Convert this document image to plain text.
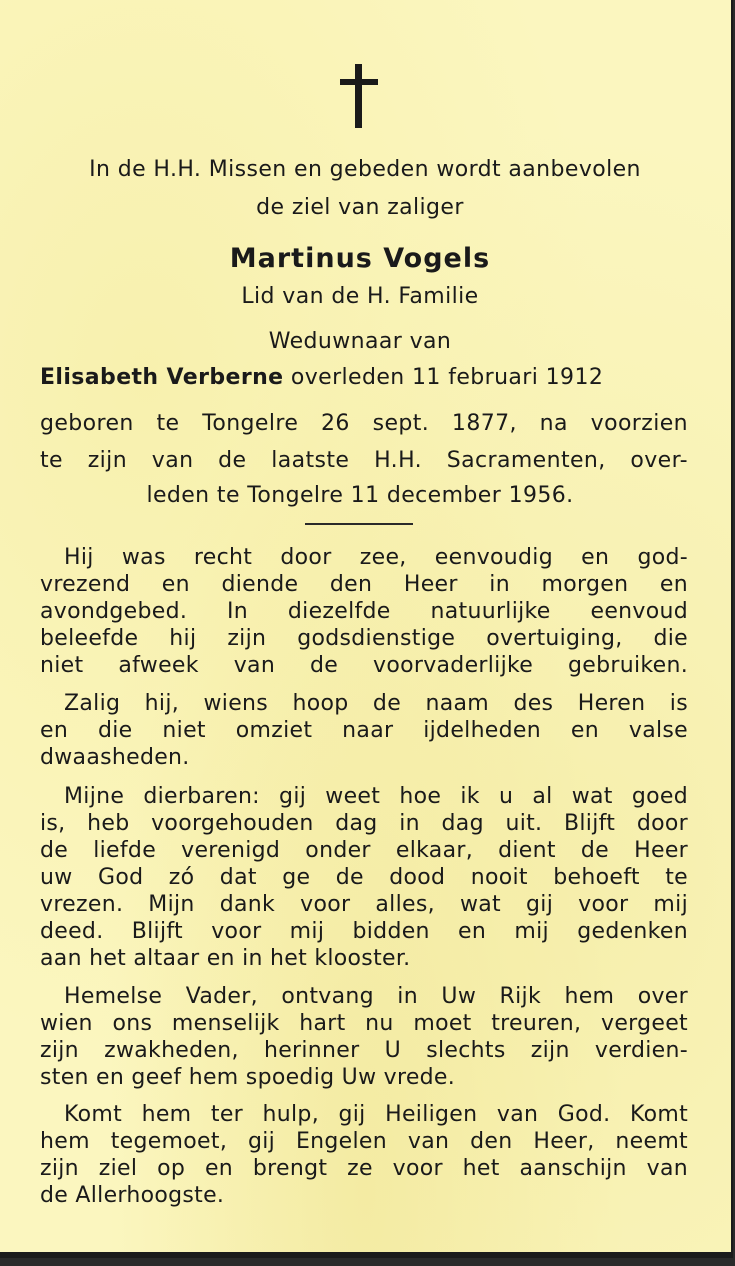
In de H.H. Missen en gebeden wordt aanbevolen
de ziel van zaliger
Martinus Vogels
Lid van de H. Familie
Weduwnaar van
Elisabeth Verberne overleden 11 februari 1912
geboren te Tongelre 26 sept. 1877, na voorzien
te zijn van de laatste H.H. Sacramenten, over-
leden te Tongelre 11 december 1956.
Hij was recht door zee, eenvoudig en god-
vrezend en diende den Heer in morgen en
avondgebed. In diezelfde natuurlijke eenvoud
beleefde hij zijn godsdienstige overtuiging, die
niet afweek van de voorvaderlijke gebruiken.
Zalig hij, wiens hoop de naam des Heren is
en die niet omziet naar ijdelheden en valse
dwaasheden.
Mijne dierbaren: gij weet hoe ik u al wat goed
is, heb voorgehouden dag in dag uit. Blijft door
de liefde verenigd onder elkaar, dient de Heer
uw God zó dat ge de dood nooit behoeft te
vrezen. Mijn dank voor alles, wat gij voor mij
deed. Blijft voor mij bidden en mij gedenken
aan het altaar en in het klooster.
Hemelse Vader, ontvang in Uw Rijk hem over
wien ons menselijk hart nu moet treuren, vergeet
zijn zwakheden, herinner U slechts zijn verdien-
sten en geef hem spoedig Uw vrede.
Komt hem ter hulp, gij Heiligen van God. Komt
hem tegemoet, gij Engelen van den Heer, neemt
zijn ziel op en brengt ze voor het aanschijn van
de Allerhoogste.
